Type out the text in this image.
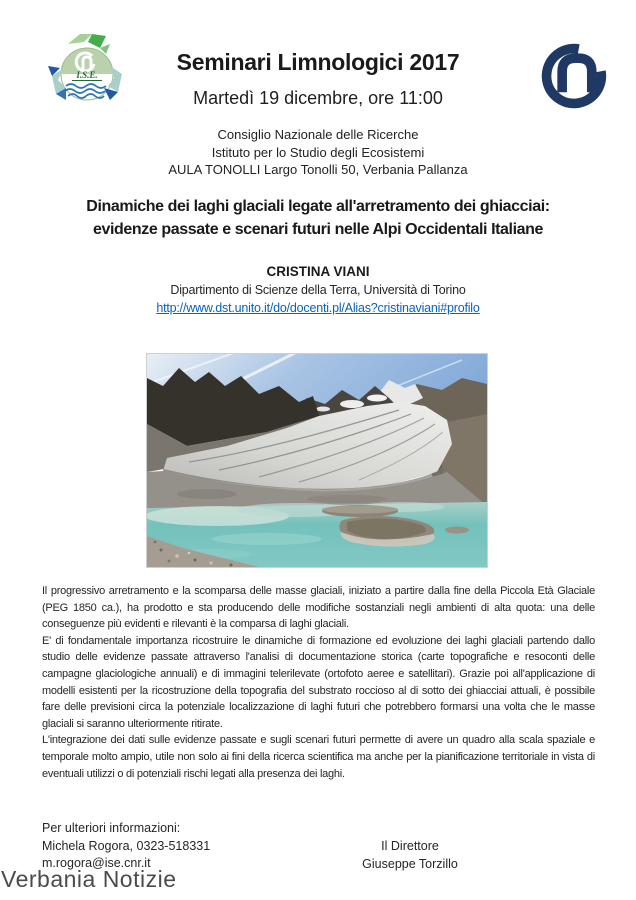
I.S.E.	Seminari Limnologici 2017
Martedì 19 dicembre, ore 11:00
Consiglio Nazionale delle Ricerche
Istituto per lo Studio degli Ecosistemi
AULA TONOLLI Largo Tonolli 50, Verbania Pallanza
Dinamiche dei laghi glaciali legate all'arretramento dei ghiacciai:
evidenze passate e scenari futuri nelle Alpi Occidentali Italiane
CRISTINA VIANI
Dipartimento di Scienze della Terra, Università di Torino
http://www.dst.unito.it/do/docenti.pl/Alias?cristinaviani#profilo

Il progressivo arretramento e la scomparsa delle masse glaciali, iniziato a partire dalla fine della Piccola Età Glaciale (PEG 1850 ca.), ha prodotto e sta producendo delle modifiche sostanziali negli ambienti di alta quota: una delle conseguenze più evidenti e rilevanti è la comparsa di laghi glaciali.

E' di fondamentale importanza ricostruire le dinamiche di formazione ed evoluzione dei laghi glaciali partendo dallo studio delle evidenze passate attraverso l'analisi di documentazione storica (carte topografiche e resoconti delle campagne glaciologiche annuali) e di immagini telerilevate (ortofoto aeree e satellitari). Grazie poi all'applicazione di modelli esistenti per la ricostruzione della topografia del substrato roccioso al di sotto dei ghiacciai attuali, è possibile fare delle previsioni circa la potenziale localizzazione di laghi futuri che potrebbero formarsi una volta che le masse glaciali si saranno ulteriormente ritirate.

L'integrazione dei dati sulle evidenze passate e sugli scenari futuri permette di avere un quadro alla scala spaziale e temporale molto ampio, utile non solo ai fini della ricerca scientifica ma anche per la pianificazione territoriale in vista di eventuali utilizzi o di potenziali rischi legati alla presenza dei laghi.

Per ulteriori informazioni:
Michela Rogora, 0323-518331
m.rogora@ise.cnr.it
Il Direttore
Giuseppe Torzillo
Verbania Notizie
